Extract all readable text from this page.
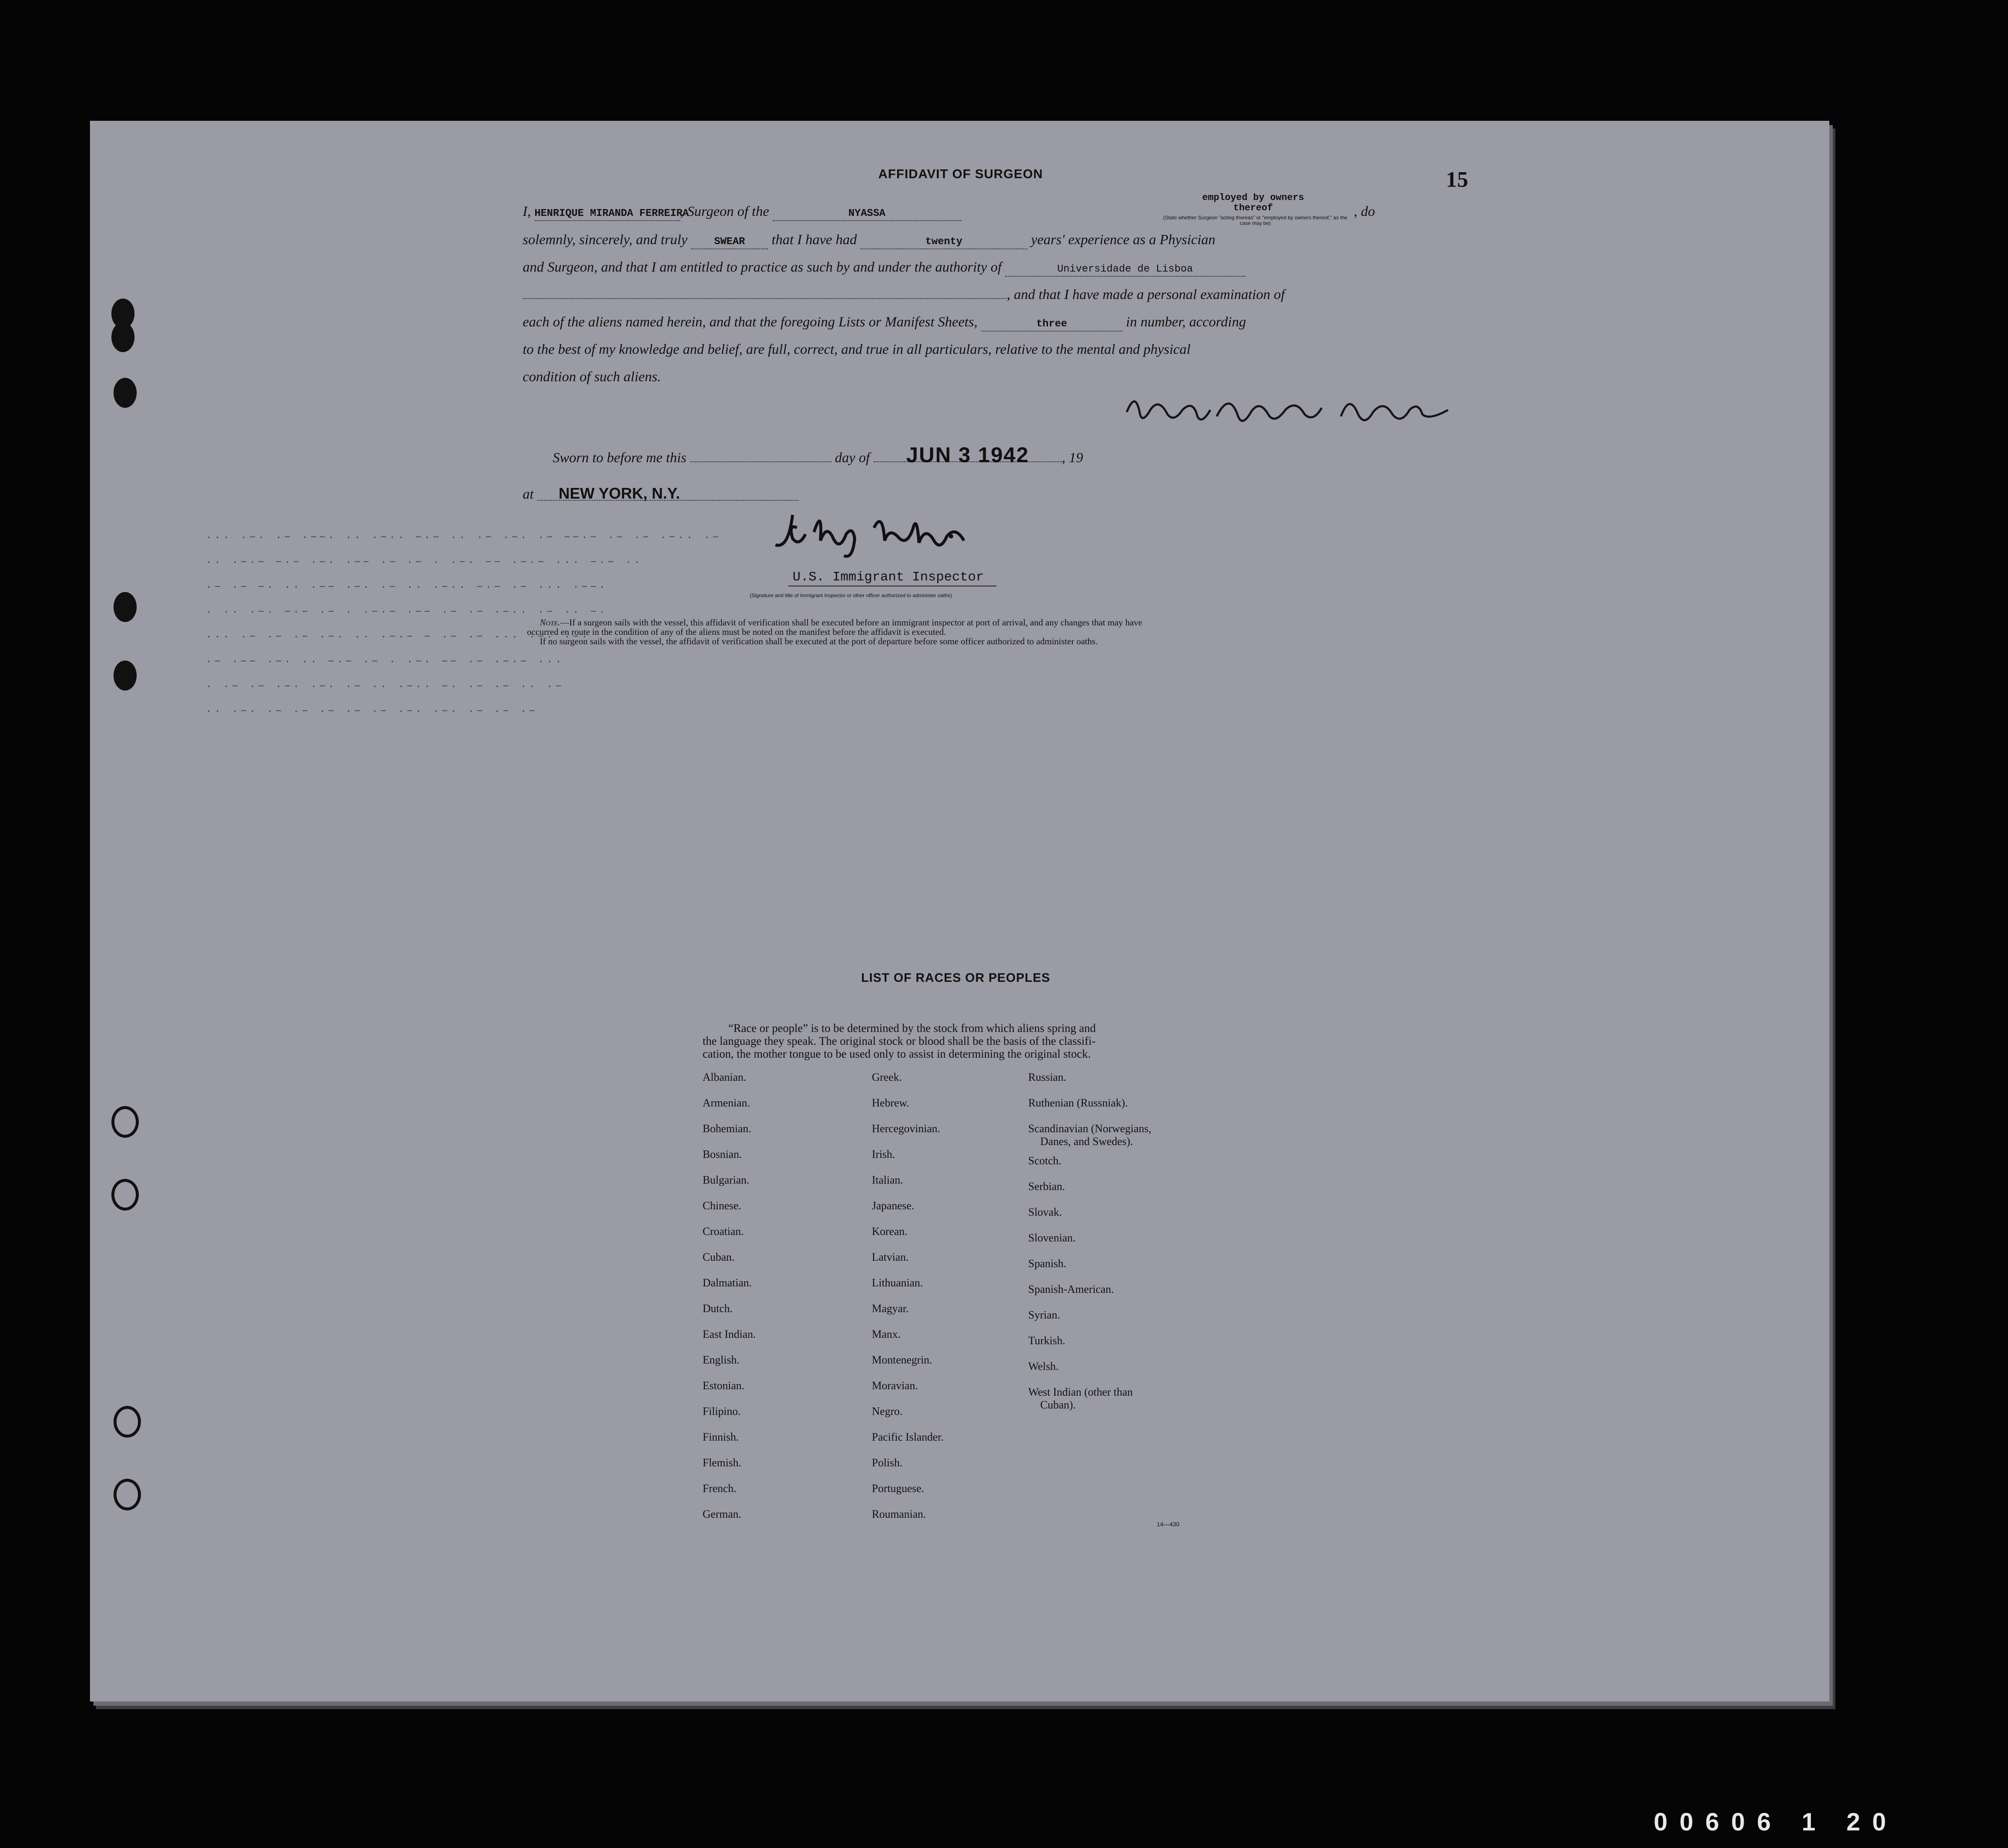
··· ·−· ·− ·−−· ·· ·−·· −·− ·· ·− ·−· ·− −−·− ·− ·− ·−·· ·−
·· ·−·− −·− ·−· ·−− ·− ·− · ·−· −− ·−·− ··· −·− ··
·− ·− −· ·· ·−− ·−· ·− ·· ·−·· −·− ·− ··· ·−−·
· ·· ·−· −·− ·− · ·−·− ·−− ·− ·− ·−·· ·− ·· −·
··· ·− ·− ·− ·−· ·· ·−·− − ·− ·− ··· ·−· ·−·
·− ·−− ·−· ·· −·− ·− · ·−· −− ·− ·−·− ···
· ·− ·− ·−· ·−· ·− ·· ·−·· −· ·− ·− ·· ·−
·· ·−· ·− ·− ·− ·− ·− ·−· ·−· ·− ·− ·−
AFFIDAVIT OF SURGEON	15
I, HENRIQUE MIRANDA FERREIRA, Surgeon of the	NYASSA
employed by owners thereof
(State whether Surgeon "acting thereas" or "employed by owners thereof," as the case may be)
, do
solemnly, sincerely, and truly	SWEAR that I have had	twenty	years' experience as a Physician
and Surgeon, and that I am entitled to practice as such by and under the authority of	Universidade de Lisboa
, and that I have made a personal examination of
each of the aliens named herein, and that the foregoing Lists or Manifest Sheets,	three	in number, according
to the best of my knowledge and belief, are full, correct, and true in all particulars, relative to the mental and physical
condition of such aliens.
Sworn to before me this	day of JUN 3 1942 , 19
at NEW YORK, N.Y.
U.S. Immigrant Inspector
(Signature and title of Immigrant Inspector or other officer authorized to administer oaths)
Note.—If a surgeon sails with the vessel, this affidavit of verification shall be executed before an immigrant inspector at port of arrival, and any changes that may have
occurred en route in the condition of any of the aliens must be noted on the manifest before the affidavit is executed.
If no surgeon sails with the vessel, the affidavit of verification shall be executed at the port of departure before some officer authorized to administer oaths.
LIST OF RACES OR PEOPLES
“Race or people” is to be determined by the stock from which aliens spring and
the language they speak. The original stock or blood shall be the basis of the classifi-
cation, the mother tongue to be used only to assist in determining the original stock.
Albanian.
Armenian.
Bohemian.
Bosnian.
Bulgarian.
Chinese.
Croatian.
Cuban.
Dalmatian.
Dutch.
East Indian.
English.
Estonian.
Filipino.
Finnish.
Flemish.
French.
German.
Greek.
Hebrew.
Hercegovinian.
Irish.
Italian.
Japanese.
Korean.
Latvian.
Lithuanian.
Magyar.
Manx.
Montenegrin.
Moravian.
Negro.
Pacific Islander.
Polish.
Portuguese.
Roumanian.
Russian.
Ruthenian (Russniak).
Scandinavian (Norwegians,
Danes, and Swedes).
Scotch.
Serbian.
Slovak.
Slovenian.
Spanish.
Spanish-American.
Syrian.
Turkish.
Welsh.
West Indian (other than
Cuban).
14—430
00606 1 20
